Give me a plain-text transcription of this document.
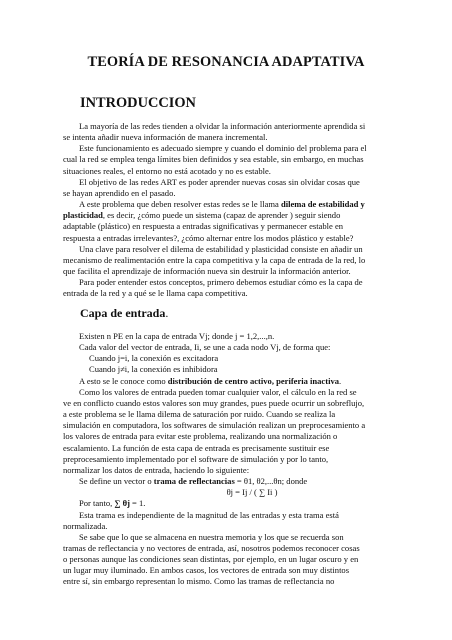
TEORÍA DE RESONANCIA ADAPTATIVA
INTRODUCCION

La mayoría de las redes tienden a olvidar la información anteriormente aprendida si
se intenta añadir nueva información de manera incremental.

Este funcionamiento es adecuado siempre y cuando el dominio del problema para el
cual la red se emplea tenga límites bien definidos y sea estable, sin embargo, en muchas
situaciones reales, el entorno no está acotado y no es estable.

El objetivo de las redes ART es poder aprender nuevas cosas sin olvidar cosas que
se hayan aprendido en el pasado.

A este problema que deben resolver estas redes se le llama dilema de estabilidad y
plasticidad, es decir, ¿cómo puede un sistema (capaz de aprender ) seguir siendo
adaptable (plástico) en respuesta a entradas significativas y permanecer estable en
respuesta a entradas irrelevantes?, ¿cómo alternar entre los modos plástico y estable?

Una clave para resolver el dilema de estabilidad y plasticidad consiste en añadir un
mecanismo de realimentación entre la capa competitiva y la capa de entrada de la red, lo
que facilita el aprendizaje de información nueva sin destruir la información anterior.

Para poder entender estos conceptos, primero debemos estudiar cómo es la capa de
entrada de la red y a qué se le llama capa competitiva.

Capa de entrada.

Existen n PE en la capa de entrada Vj; donde j = 1,2,...,n.

Cada valor del vector de entrada, Ii, se une a cada nodo Vj, de forma que:

Cuando j=i, la conexión es excitadora

Cuando j≠i, la conexión es inhibidora

A esto se le conoce como distribución de centro activo, periferia inactiva.

Como los valores de entrada pueden tomar cualquier valor, el cálculo en la red se
ve en conflicto cuando estos valores son muy grandes, pues puede ocurrir un sobreflujo,
a este problema se le llama dilema de saturación por ruido. Cuando se realiza la
simulación en computadora, los softwares de simulación realizan un preprocesamiento a
los valores de entrada para evitar este problema, realizando una normalización o
escalamiento. La función de esta capa de entrada es precisamente sustituir ese
preprocesamiento implementado por el software de simulación y por lo tanto,
normalizar los datos de entrada, haciendo lo siguiente:

Se define un vector o trama de reflectancias = θ1, θ2,...θn; donde

θj = Ij / ( ∑ Ii )

Por tanto, ∑ θj = 1.

Esta trama es independiente de la magnitud de las entradas y esta trama está
normalizada.

Se sabe que lo que se almacena en nuestra memoria y los que se recuerda son
tramas de reflectancia y no vectores de entrada, así, nosotros podemos reconocer cosas
o personas aunque las condiciones sean distintas, por ejemplo, en un lugar oscuro y en
un lugar muy iluminado. En ambos casos, los vectores de entrada son muy distintos
entre sí, sin embargo representan lo mismo. Como las tramas de reflectancia no
